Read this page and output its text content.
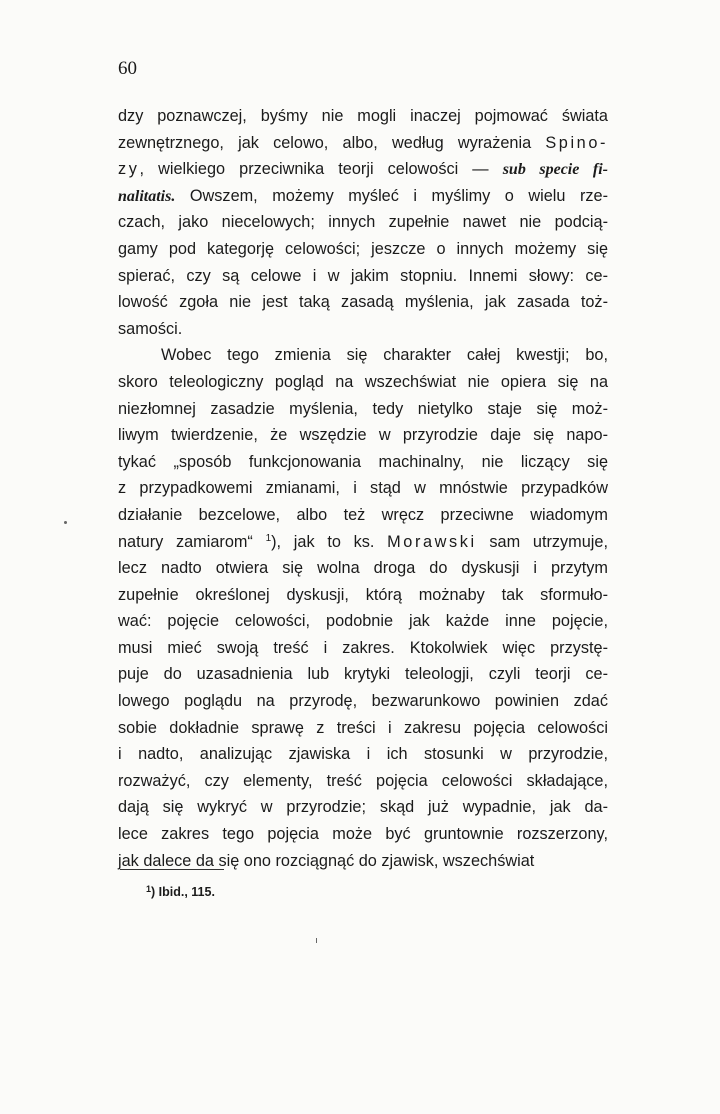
60
dzy poznawczej, byśmy nie mogli inaczej pojmować świata
zewnętrznego, jak celowo, albo, według wyrażenia Spino-
zy, wielkiego przeciwnika teorji celowości — sub specie fi-
nalitatis. Owszem, możemy myśleć i myślimy o wielu rze-
czach, jako niecelowych; innych zupełnie nawet nie podcią-
gamy pod kategorję celowości; jeszcze o innych możemy się
spierać, czy są celowe i w jakim stopniu. Innemi słowy: ce-
lowość zgoła nie jest taką zasadą myślenia, jak zasada toż-
samości.
Wobec tego zmienia się charakter całej kwestji; bo,
skoro teleologiczny pogląd na wszechświat nie opiera się na
niezłomnej zasadzie myślenia, tedy nietylko staje się moż-
liwym twierdzenie, że wszędzie w przyrodzie daje się napo-
tykać „sposób funkcjonowania machinalny, nie liczący się
z przypadkowemi zmianami, i stąd w mnóstwie przypadków
działanie bezcelowe, albo też wręcz przeciwne wiadomym
natury zamiarom“ $^1$), jak to ks. Morawski sam utrzymuje,
lecz nadto otwiera się wolna droga do dyskusji i przytym
zupełnie określonej dyskusji, którą możnaby tak sformuło-
wać: pojęcie celowości, podobnie jak każde inne pojęcie,
musi mieć swoją treść i zakres. Ktokolwiek więc przystę-
puje do uzasadnienia lub krytyki teleologji, czyli teorji ce-
lowego poglądu na przyrodę, bezwarunkowo powinien zdać
sobie dokładnie sprawę z treści i zakresu pojęcia celowości
i nadto, analizując zjawiska i ich stosunki w przyrodzie,
rozważyć, czy elementy, treść pojęcia celowości składające,
dają się wykryć w przyrodzie; skąd już wypadnie, jak da-
lece zakres tego pojęcia może być gruntownie rozszerzony,
jak dalece da się ono rozciągnąć do zjawisk, wszechświat
$^1$) Ibid., 115.
